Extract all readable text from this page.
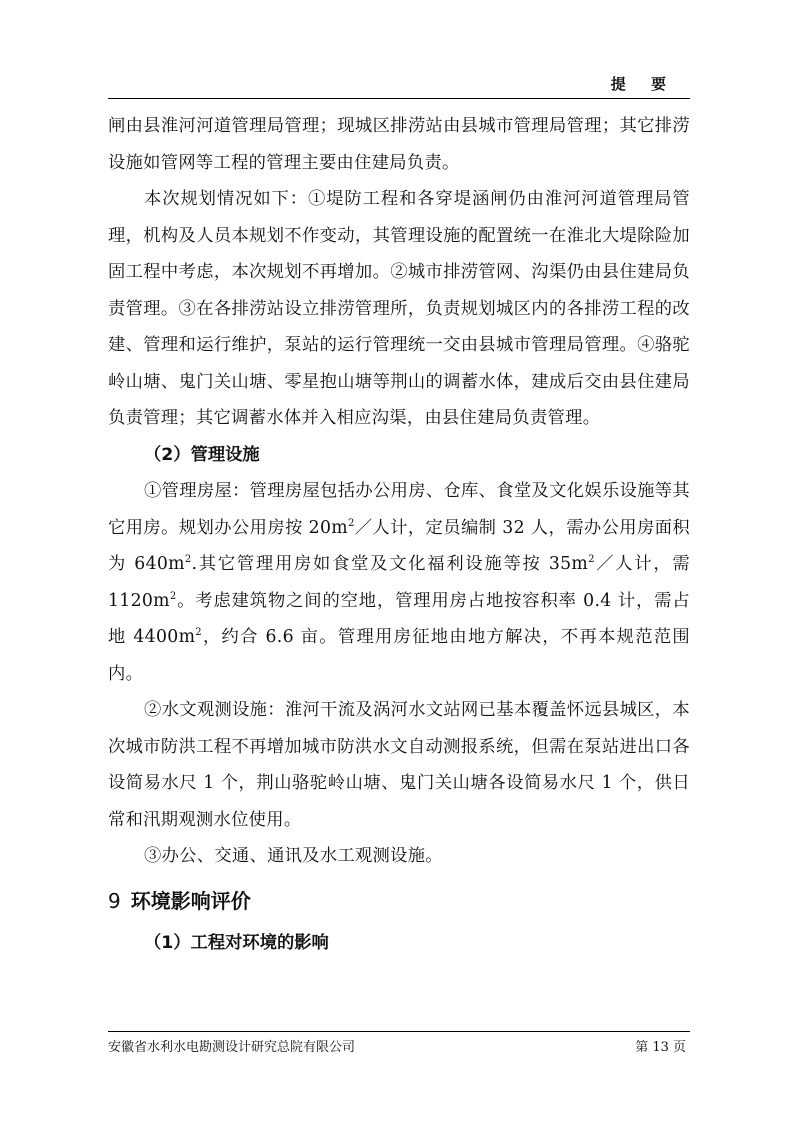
提 要

闸由县淮河河道管理局管理；现城区排涝站由县城市管理局管理；其它排涝设施如管网等工程的管理主要由住建局负责。

本次规划情况如下：①堤防工程和各穿堤涵闸仍由淮河河道管理局管理，机构及人员本规划不作变动，其管理设施的配置统一在淮北大堤除险加固工程中考虑，本次规划不再增加。②城市排涝管网、沟渠仍由县住建局负责管理。③在各排涝站设立排涝管理所，负责规划城区内的各排涝工程的改建、管理和运行维护，泵站的运行管理统一交由县城市管理局管理。④骆驼岭山塘、鬼门关山塘、零星抱山塘等荆山的调蓄水体，建成后交由县住建局负责管理；其它调蓄水体并入相应沟渠，由县住建局负责管理。

（2）管理设施

①管理房屋：管理房屋包括办公用房、仓库、食堂及文化娱乐设施等其它用房。规划办公用房按 $20m^2/$人计，定员编制 32 人，需办公用房面积为 $640m^2$.其它管理用房如食堂及文化福利设施等按 $35m^2/$人计，需 $1120m^2$。考虑建筑物之间的空地，管理用房占地按容积率 0.4 计，需占地 $4400m^2$，约合 6.6 亩。管理用房征地由地方解决，不再本规范范围内。

②水文观测设施：淮河干流及涡河水文站网已基本覆盖怀远县城区，本次城市防洪工程不再增加城市防洪水文自动测报系统，但需在泵站进出口各设简易水尺 1 个，荆山骆驼岭山塘、鬼门关山塘各设简易水尺 1 个，供日常和汛期观测水位使用。

③办公、交通、通讯及水工观测设施。

9 环境影响评价

（1）工程对环境的影响

安徽省水利水电勘测设计研究总院有限公司	第 13 页
